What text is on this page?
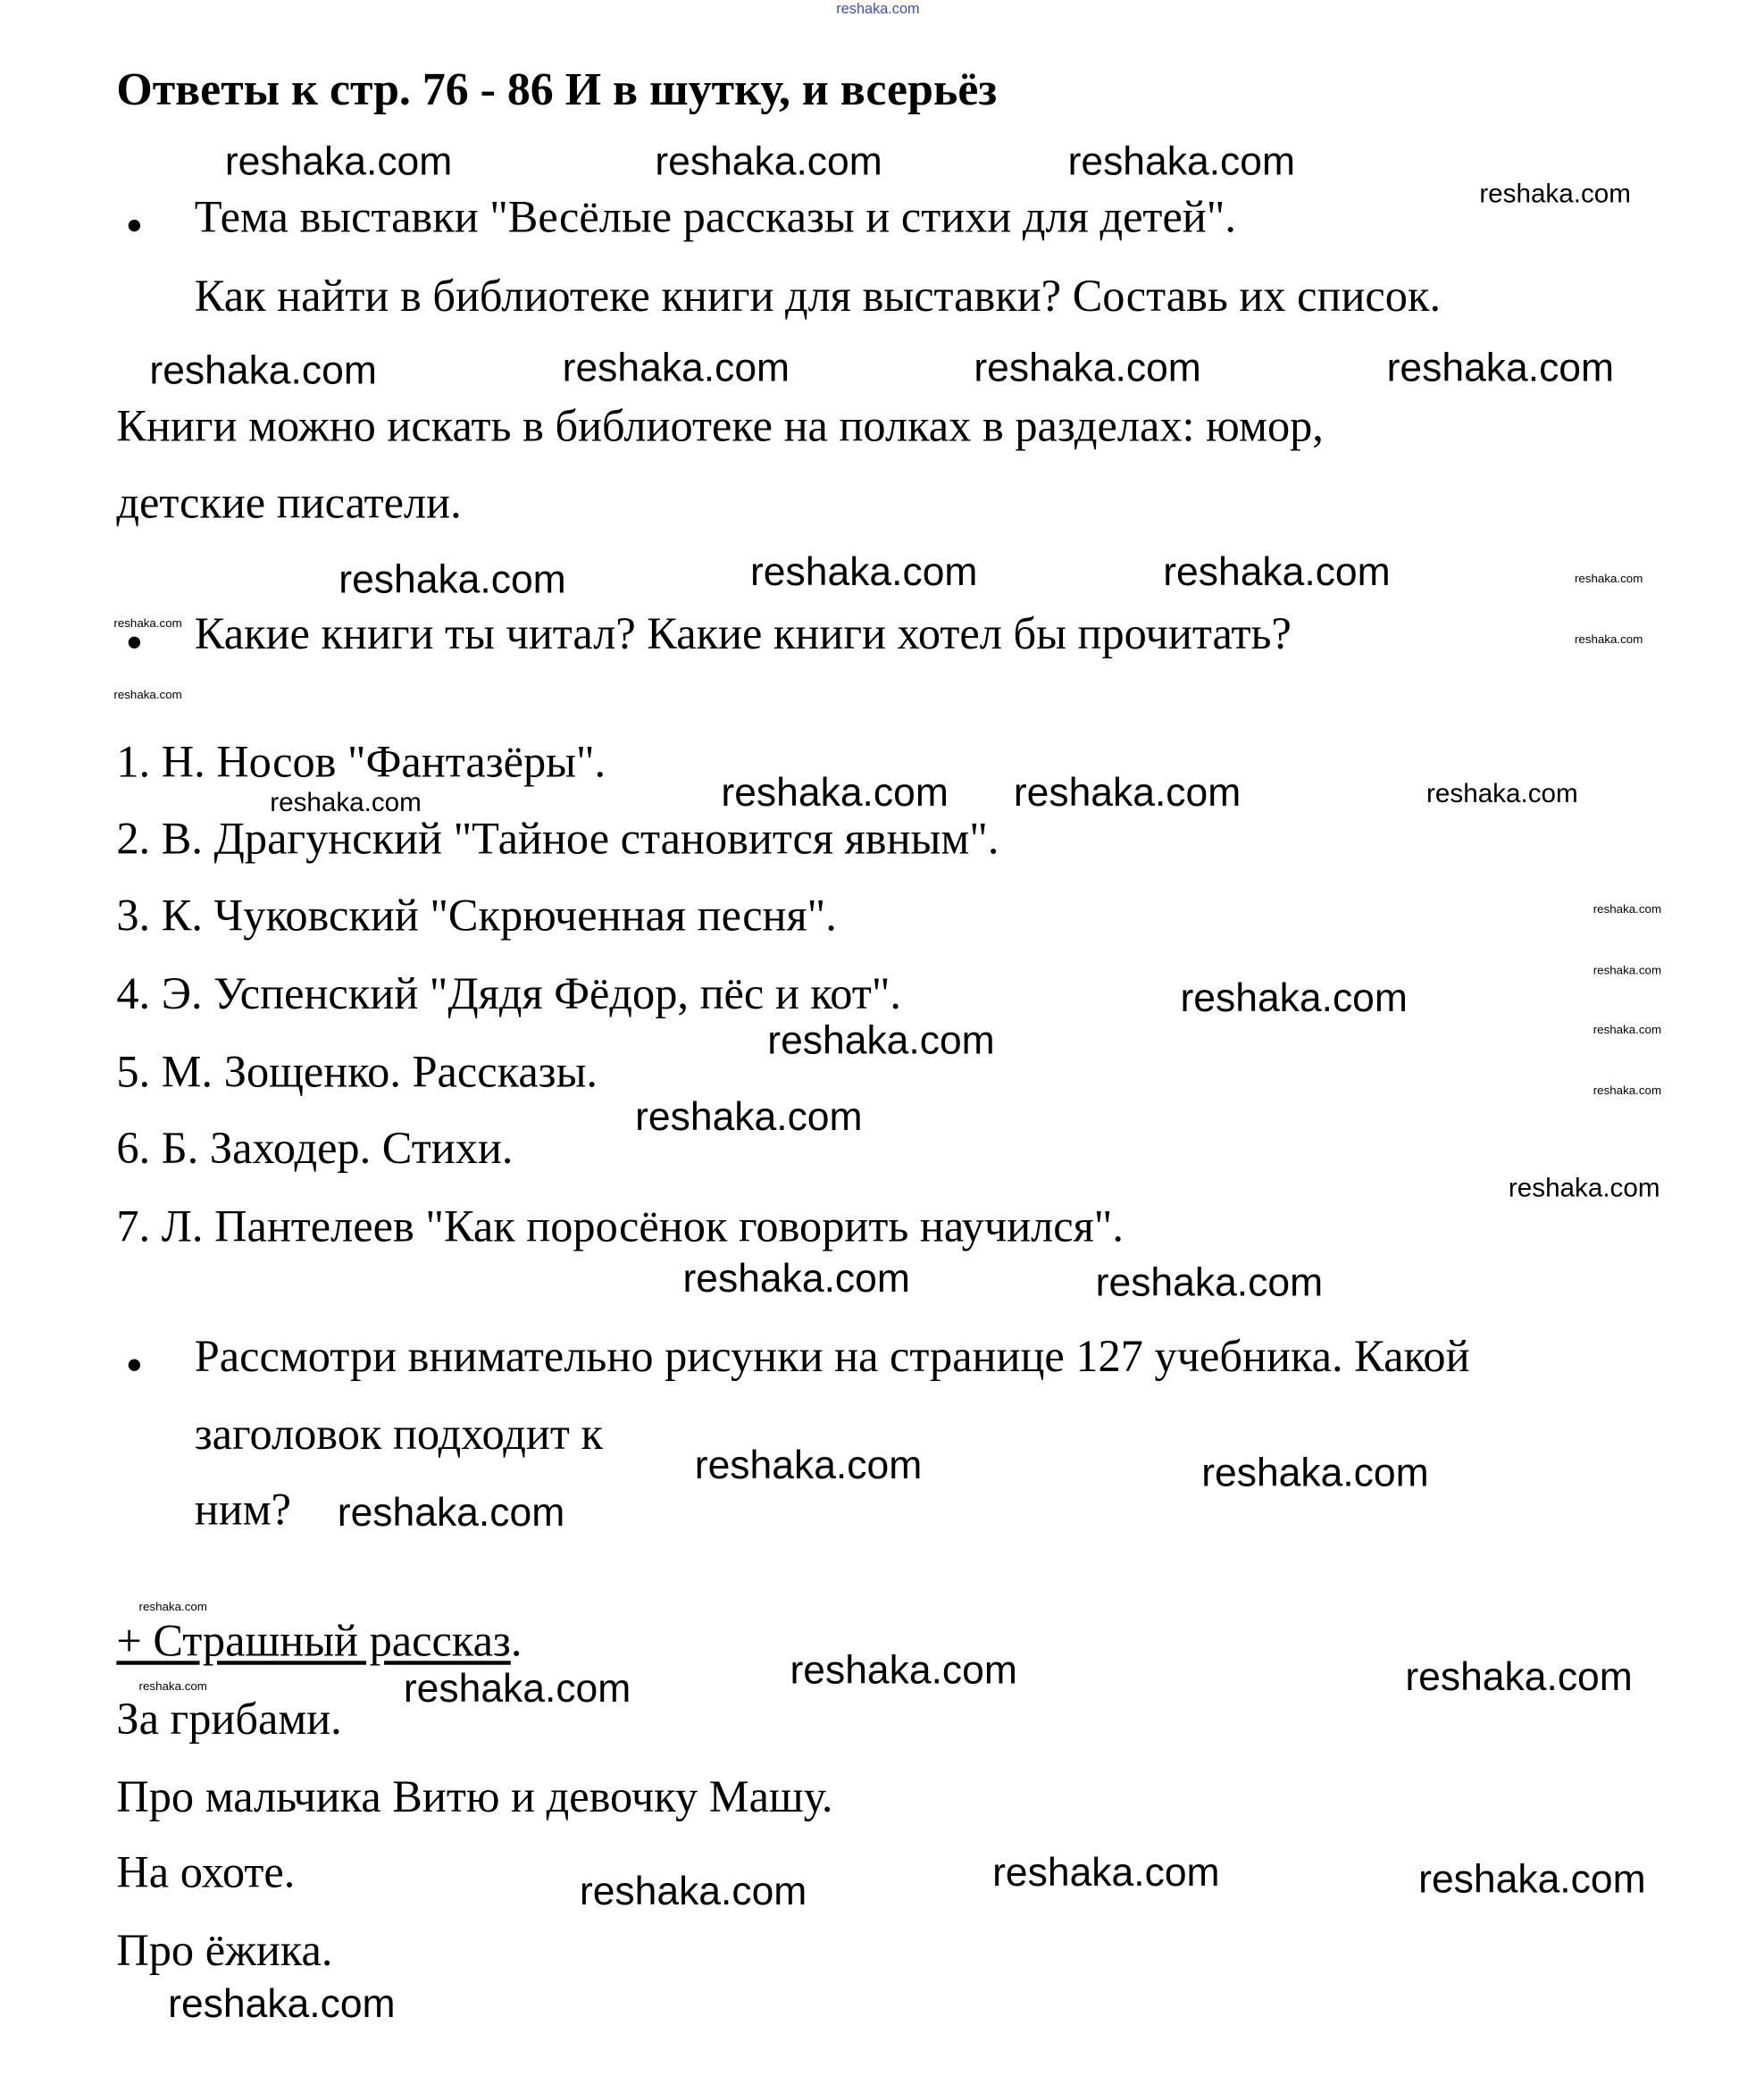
Ответы к стр. 76 - 86 И в шутку, и всерьёз
Тема выставки "Весёлые рассказы и стихи для детей".
Как найти в библиотеке книги для выставки? Составь их список.
Книги можно искать в библиотеке на полках в разделах: юмор,
детские писатели.
Какие книги ты читал? Какие книги хотел бы прочитать?
1. Н. Носов "Фантазёры".
2. В. Драгунский "Тайное становится явным".
3. К. Чуковский "Скрюченная песня".
4. Э. Успенский "Дядя Фёдор, пёс и кот".
5. М. Зощенко. Рассказы.
6. Б. Заходер. Стихи.
7. Л. Пантелеев "Как поросёнок говорить научился".
Рассмотри внимательно рисунки на странице 127 учебника. Какой
заголовок подходит к
ним?
+ Страшный рассказ.
За грибами.
Про мальчика Витю и девочку Машу.
На охоте.
Про ёжика.
reshaka.com
reshaka.com	reshaka.com	reshaka.com
reshaka.com
reshaka.com	reshaka.com	reshaka.com	reshaka.com
reshaka.com	reshaka.com	reshaka.com	reshaka.com
reshaka.com
reshaka.com
reshaka.com
reshaka.com	reshaka.com reshaka.com	reshaka.com
reshaka.com
reshaka.com
reshaka.com
reshaka.com
reshaka.com
reshaka.com
reshaka.com
reshaka.com
reshaka.com	reshaka.com
reshaka.com
reshaka.com	reshaka.com
reshaka.com
reshaka.com	reshaka.com	reshaka.com	reshaka.com
reshaka.com
reshaka.com	reshaka.com
reshaka.com
